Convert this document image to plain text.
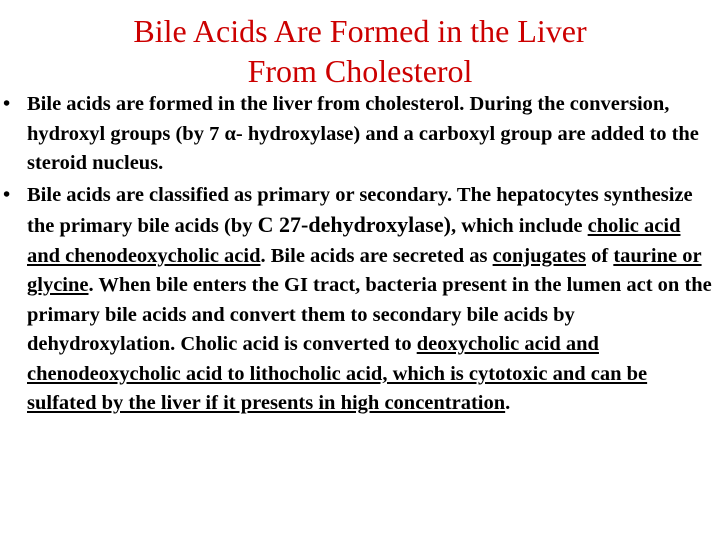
Bile Acids Are Formed in the Liver
From Cholesterol
• Bile acids are formed in the liver from cholesterol. During the conversion, hydroxyl groups (by 7 α- hydroxylase) and a carboxyl group are added to the steroid nucleus.
• Bile acids are classified as primary or secondary. The hepatocytes synthesize the primary bile acids (by C 27-dehydroxylase), which include cholic acid and chenodeoxycholic acid. Bile acids are secreted as conjugates of taurine or glycine. When bile enters the GI tract, bacteria present in the lumen act on the primary bile acids and convert them to secondary bile acids by dehydroxylation. Cholic acid is converted to deoxycholic acid and chenodeoxycholic acid to lithocholic acid, which is cytotoxic and can be sulfated by the liver if it presents in high concentration.
